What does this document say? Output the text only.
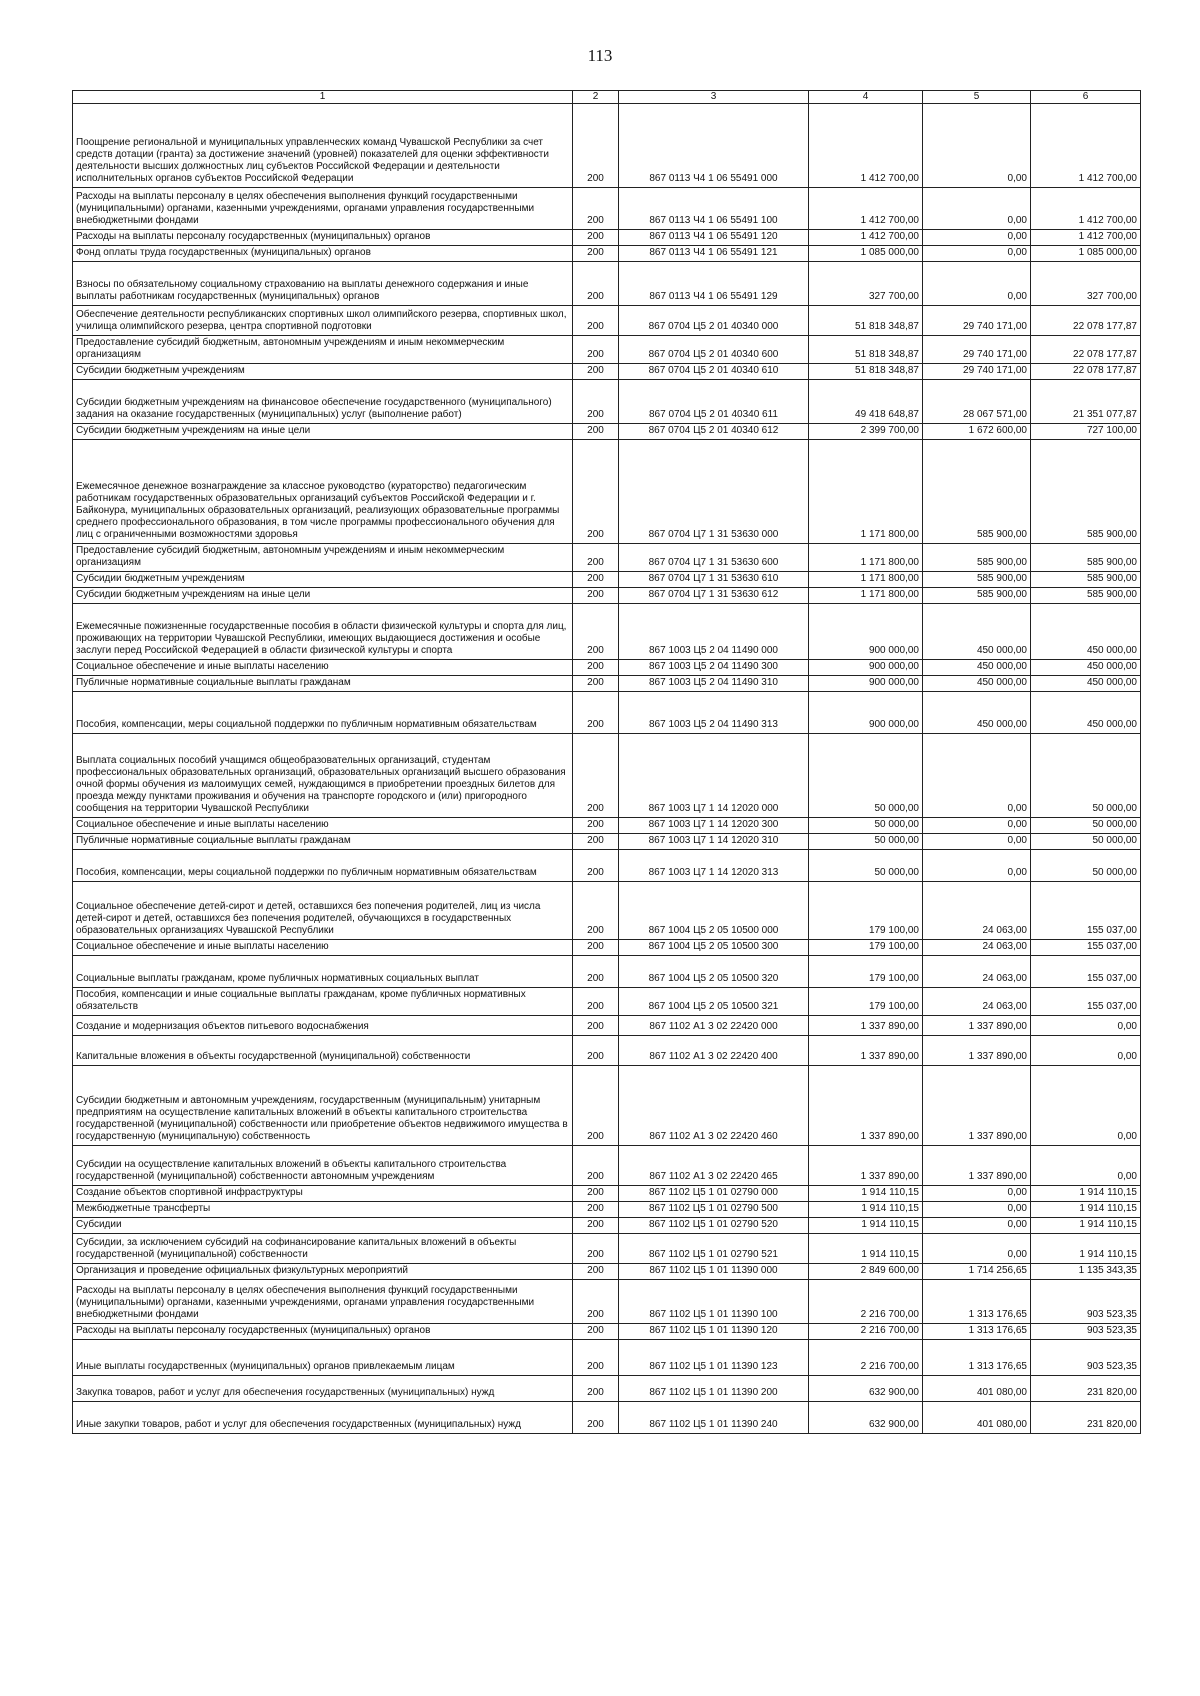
113
1	2	3	4	5	6
Поощрение региональной и муниципальных управленческих команд Чувашской Республики за счет средств дотации (гранта) за достижение значений (уровней) показателей для оценки эффективности деятельности высших должностных лиц субъектов Российской Федерации и деятельности исполнительных органов субъектов Российской Федерации	200	867 0113 Ч4 1 06 55491 000	1 412 700,00	0,00	1 412 700,00
Расходы на выплаты персоналу в целях обеспечения выполнения функций государственными (муниципальными) органами, казенными учреждениями, органами управления государственными внебюджетными фондами	200	867 0113 Ч4 1 06 55491 100	1 412 700,00	0,00	1 412 700,00
Расходы на выплаты персоналу государственных (муниципальных) органов	200	867 0113 Ч4 1 06 55491 120	1 412 700,00	0,00	1 412 700,00
Фонд оплаты труда государственных (муниципальных) органов	200	867 0113 Ч4 1 06 55491 121	1 085 000,00	0,00	1 085 000,00
Взносы по обязательному социальному страхованию на выплаты денежного содержания и иные выплаты работникам государственных (муниципальных) органов	200	867 0113 Ч4 1 06 55491 129	327 700,00	0,00	327 700,00
Обеспечение деятельности республиканских спортивных школ олимпийского резерва, спортивных школ, училища олимпийского резерва, центра спортивной подготовки	200	867 0704 Ц5 2 01 40340 000	51 818 348,87	29 740 171,00	22 078 177,87
Предоставление субсидий бюджетным, автономным учреждениям и иным некоммерческим организациям	200	867 0704 Ц5 2 01 40340 600	51 818 348,87	29 740 171,00	22 078 177,87
Субсидии бюджетным учреждениям	200	867 0704 Ц5 2 01 40340 610	51 818 348,87	29 740 171,00	22 078 177,87
Субсидии бюджетным учреждениям на финансовое обеспечение государственного (муниципального) задания на оказание государственных (муниципальных) услуг (выполнение работ)	200	867 0704 Ц5 2 01 40340 611	49 418 648,87	28 067 571,00	21 351 077,87
Субсидии бюджетным учреждениям на иные цели	200	867 0704 Ц5 2 01 40340 612	2 399 700,00	1 672 600,00	727 100,00
Ежемесячное денежное вознаграждение за классное руководство (кураторство) педагогическим работникам государственных образовательных организаций субъектов Российской Федерации и г. Байконура, муниципальных образовательных организаций, реализующих образовательные программы среднего профессионального образования, в том числе программы профессионального обучения для лиц с ограниченными возможностями здоровья	200	867 0704 Ц7 1 31 53630 000	1 171 800,00	585 900,00	585 900,00
Предоставление субсидий бюджетным, автономным учреждениям и иным некоммерческим организациям	200	867 0704 Ц7 1 31 53630 600	1 171 800,00	585 900,00	585 900,00
Субсидии бюджетным учреждениям	200	867 0704 Ц7 1 31 53630 610	1 171 800,00	585 900,00	585 900,00
Субсидии бюджетным учреждениям на иные цели	200	867 0704 Ц7 1 31 53630 612	1 171 800,00	585 900,00	585 900,00
Ежемесячные пожизненные государственные пособия в области физической культуры и спорта для лиц, проживающих на территории Чувашской Республики, имеющих выдающиеся достижения и особые заслуги перед Российской Федерацией в области физической культуры и спорта	200	867 1003 Ц5 2 04 11490 000	900 000,00	450 000,00	450 000,00
Социальное обеспечение и иные выплаты населению	200	867 1003 Ц5 2 04 11490 300	900 000,00	450 000,00	450 000,00
Публичные нормативные социальные выплаты гражданам	200	867 1003 Ц5 2 04 11490 310	900 000,00	450 000,00	450 000,00
Пособия, компенсации, меры социальной поддержки по публичным нормативным обязательствам	200	867 1003 Ц5 2 04 11490 313	900 000,00	450 000,00	450 000,00
Выплата социальных пособий учащимся общеобразовательных организаций, студентам профессиональных образовательных организаций, образовательных организаций высшего образования очной формы обучения из малоимущих семей, нуждающимся в приобретении проездных билетов для проезда между пунктами проживания и обучения на транспорте городского и (или) пригородного сообщения на территории Чувашской Республики	200	867 1003 Ц7 1 14 12020 000	50 000,00	0,00	50 000,00
Социальное обеспечение и иные выплаты населению	200	867 1003 Ц7 1 14 12020 300	50 000,00	0,00	50 000,00
Публичные нормативные социальные выплаты гражданам	200	867 1003 Ц7 1 14 12020 310	50 000,00	0,00	50 000,00
Пособия, компенсации, меры социальной поддержки по публичным нормативным обязательствам	200	867 1003 Ц7 1 14 12020 313	50 000,00	0,00	50 000,00
Социальное обеспечение детей-сирот и детей, оставшихся без попечения родителей, лиц из числа детей-сирот и детей, оставшихся без попечения родителей, обучающихся в государственных образовательных организациях Чувашской Республики	200	867 1004 Ц5 2 05 10500 000	179 100,00	24 063,00	155 037,00
Социальное обеспечение и иные выплаты населению	200	867 1004 Ц5 2 05 10500 300	179 100,00	24 063,00	155 037,00
Социальные выплаты гражданам, кроме публичных нормативных социальных выплат	200	867 1004 Ц5 2 05 10500 320	179 100,00	24 063,00	155 037,00
Пособия, компенсации и иные социальные выплаты гражданам, кроме публичных нормативных обязательств	200	867 1004 Ц5 2 05 10500 321	179 100,00	24 063,00	155 037,00
Создание и модернизация объектов питьевого водоснабжения	200	867 1102 А1 3 02 22420 000	1 337 890,00	1 337 890,00	0,00
Капитальные вложения в объекты государственной (муниципальной) собственности	200	867 1102 А1 3 02 22420 400	1 337 890,00	1 337 890,00	0,00
Субсидии бюджетным и автономным учреждениям, государственным (муниципальным) унитарным предприятиям на осуществление капитальных вложений в объекты капитального строительства государственной (муниципальной) собственности или приобретение объектов недвижимого имущества в государственную (муниципальную) собственность	200	867 1102 А1 3 02 22420 460	1 337 890,00	1 337 890,00	0,00
Субсидии на осуществление капитальных вложений в объекты капитального строительства государственной (муниципальной) собственности автономным учреждениям	200	867 1102 А1 3 02 22420 465	1 337 890,00	1 337 890,00	0,00
Создание объектов спортивной инфраструктуры	200	867 1102 Ц5 1 01 02790 000	1 914 110,15	0,00	1 914 110,15
Межбюджетные трансферты	200	867 1102 Ц5 1 01 02790 500	1 914 110,15	0,00	1 914 110,15
Субсидии	200	867 1102 Ц5 1 01 02790 520	1 914 110,15	0,00	1 914 110,15
Субсидии, за исключением субсидий на софинансирование капитальных вложений в объекты государственной (муниципальной) собственности	200	867 1102 Ц5 1 01 02790 521	1 914 110,15	0,00	1 914 110,15
Организация и проведение официальных физкультурных мероприятий	200	867 1102 Ц5 1 01 11390 000	2 849 600,00	1 714 256,65	1 135 343,35
Расходы на выплаты персоналу в целях обеспечения выполнения функций государственными (муниципальными) органами, казенными учреждениями, органами управления государственными внебюджетными фондами	200	867 1102 Ц5 1 01 11390 100	2 216 700,00	1 313 176,65	903 523,35
Расходы на выплаты персоналу государственных (муниципальных) органов	200	867 1102 Ц5 1 01 11390 120	2 216 700,00	1 313 176,65	903 523,35
Иные выплаты государственных (муниципальных) органов привлекаемым лицам	200	867 1102 Ц5 1 01 11390 123	2 216 700,00	1 313 176,65	903 523,35
Закупка товаров, работ и услуг для обеспечения государственных (муниципальных) нужд	200	867 1102 Ц5 1 01 11390 200	632 900,00	401 080,00	231 820,00
Иные закупки товаров, работ и услуг для обеспечения государственных (муниципальных) нужд	200	867 1102 Ц5 1 01 11390 240	632 900,00	401 080,00	231 820,00
